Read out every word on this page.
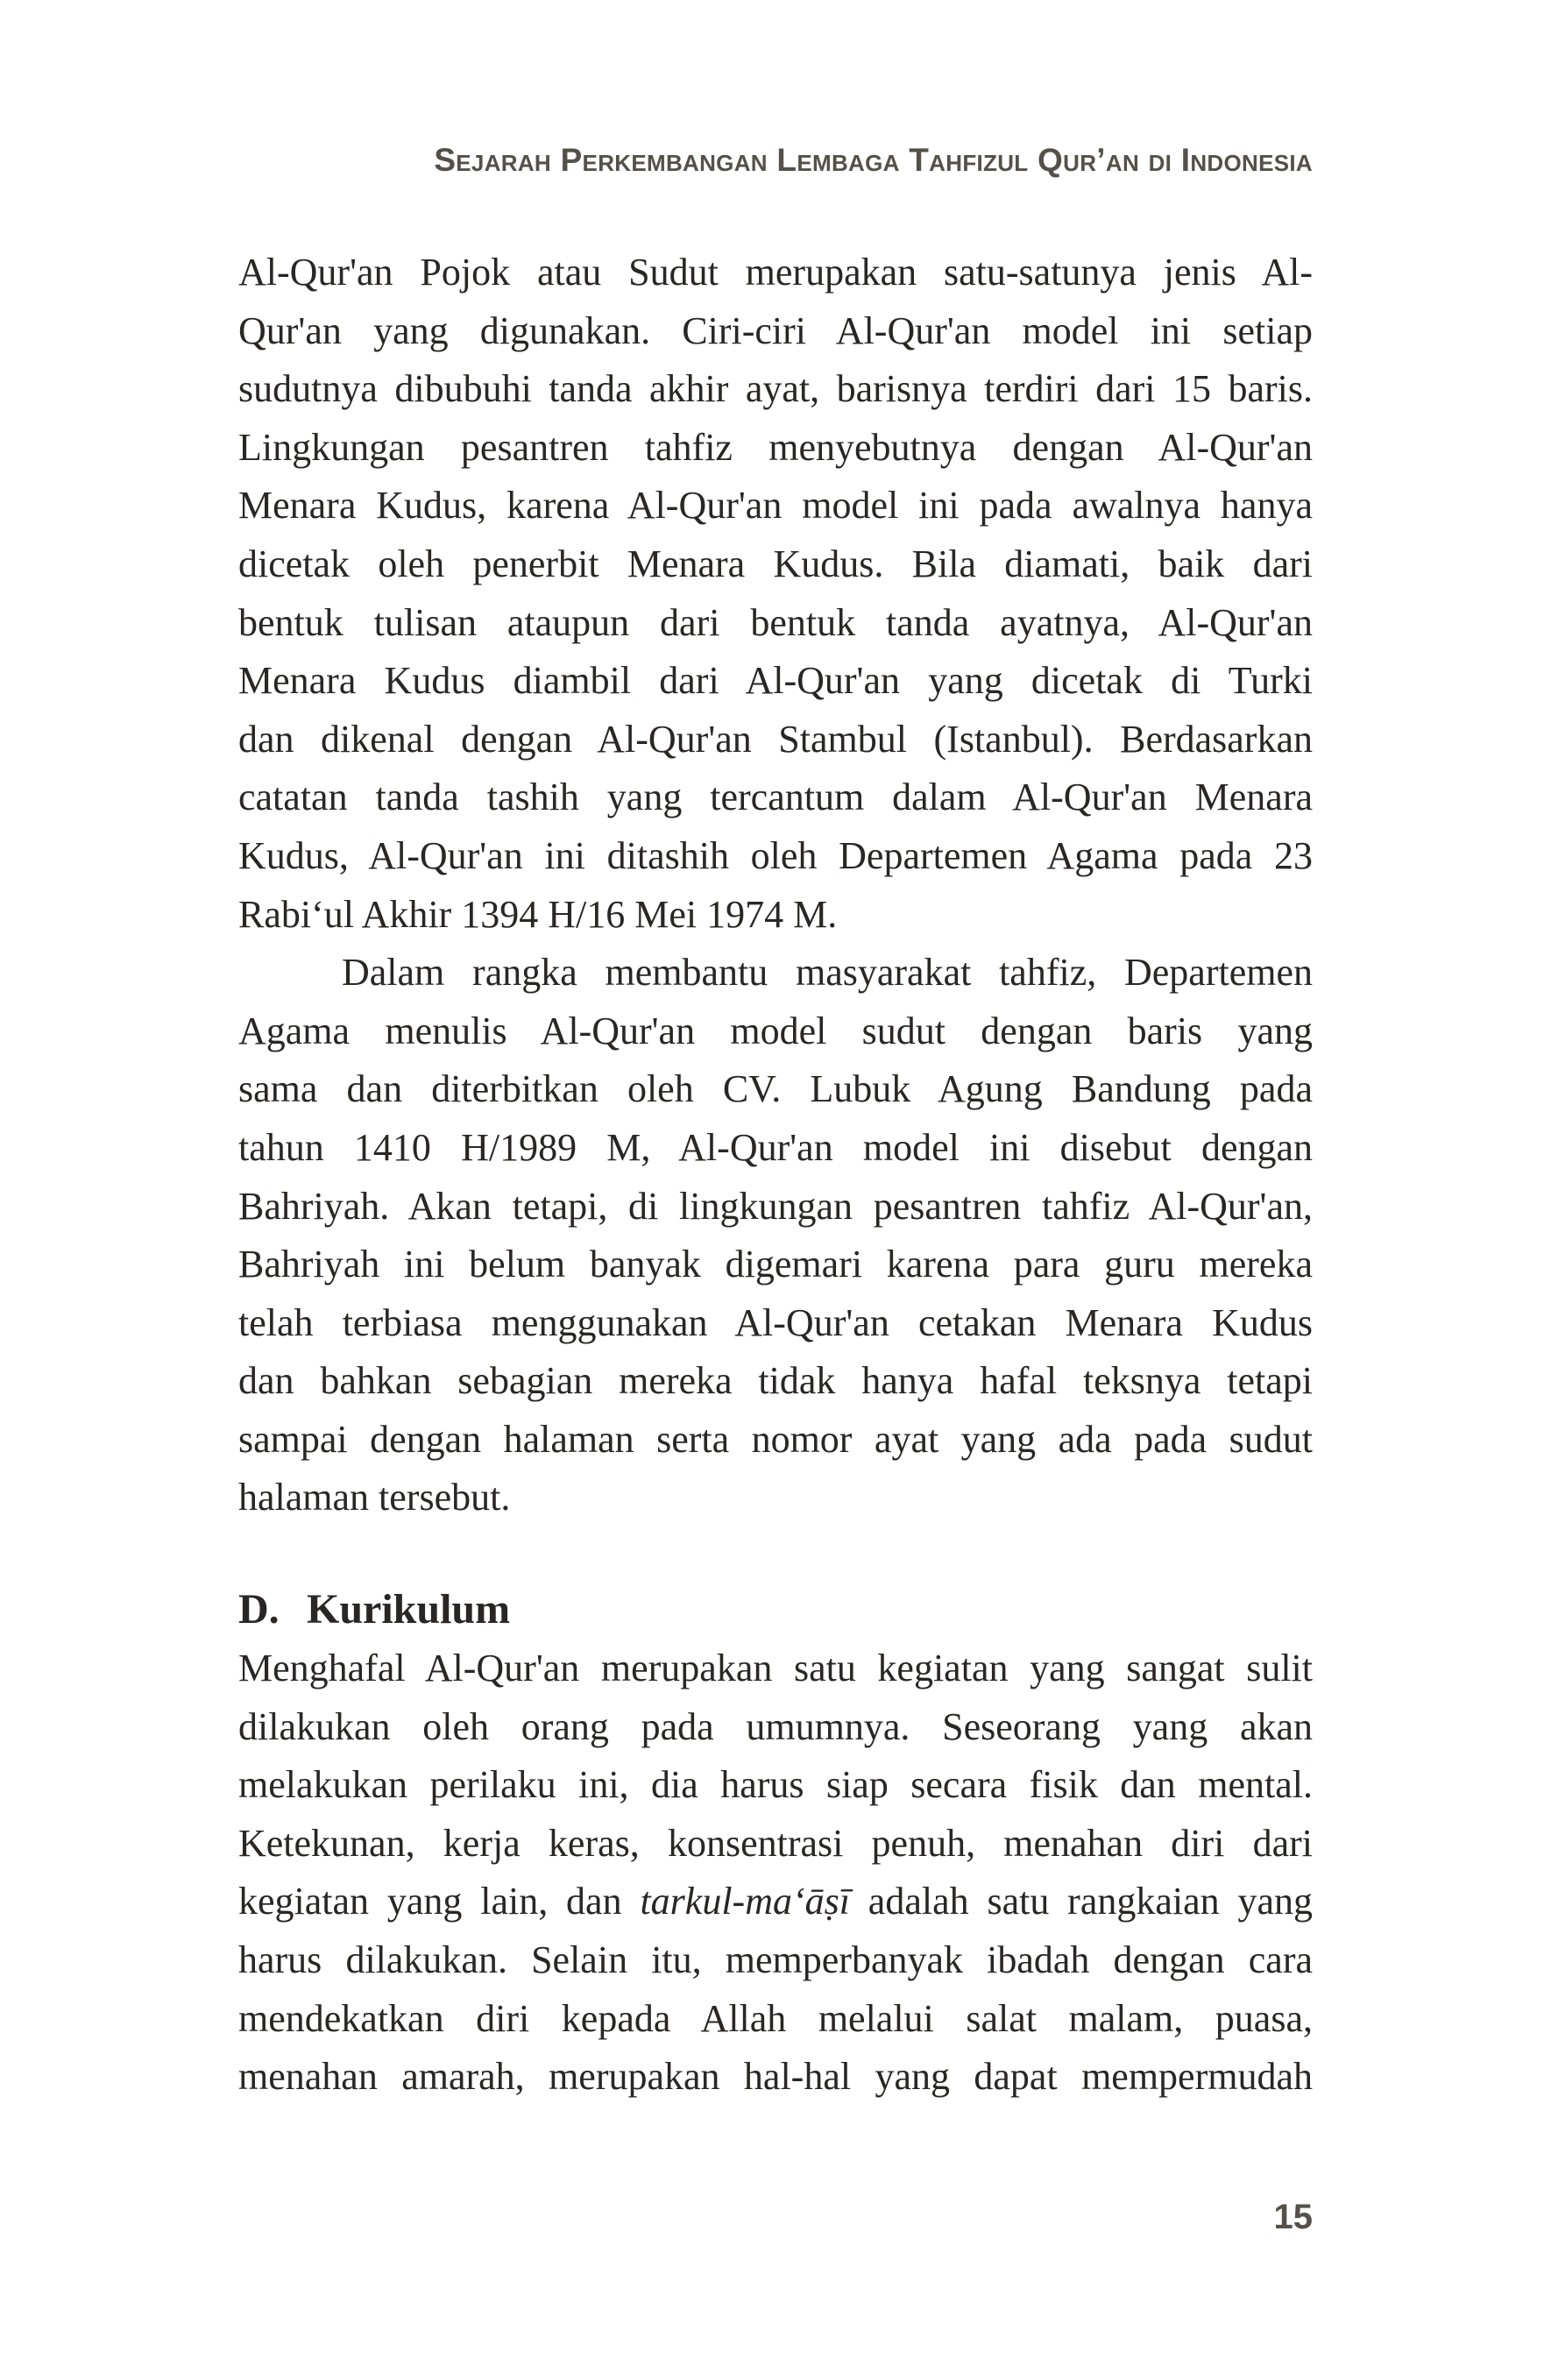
Sejarah Perkembangan Lembaga Tahfizul Qur’an di Indonesia
Al-Qur'an Pojok atau Sudut merupakan satu-satunya jenis Al-
Qur'an yang digunakan. Ciri-ciri Al-Qur'an model ini setiap
sudutnya dibubuhi tanda akhir ayat, barisnya terdiri dari 15 baris.
Lingkungan pesantren tahfiz menyebutnya dengan Al-Qur'an
Menara Kudus, karena Al-Qur'an model ini pada awalnya hanya
dicetak oleh penerbit Menara Kudus. Bila diamati, baik dari
bentuk tulisan ataupun dari bentuk tanda ayatnya, Al-Qur'an
Menara Kudus diambil dari Al-Qur'an yang dicetak di Turki
dan dikenal dengan Al-Qur'an Stambul (Istanbul). Berdasarkan
catatan tanda tashih yang tercantum dalam Al-Qur'an Menara
Kudus, Al-Qur'an ini ditashih oleh Departemen Agama pada 23
Rabi‘ul Akhir 1394 H/16 Mei 1974 M.
Dalam rangka membantu masyarakat tahfiz, Departemen
Agama menulis Al-Qur'an model sudut dengan baris yang
sama dan diterbitkan oleh CV. Lubuk Agung Bandung pada
tahun 1410 H/1989 M, Al-Qur'an model ini disebut dengan
Bahriyah. Akan tetapi, di lingkungan pesantren tahfiz Al-Qur'an,
Bahriyah ini belum banyak digemari karena para guru mereka
telah terbiasa menggunakan Al-Qur'an cetakan Menara Kudus
dan bahkan sebagian mereka tidak hanya hafal teksnya tetapi
sampai dengan halaman serta nomor ayat yang ada pada sudut
halaman tersebut.
D. Kurikulum
Menghafal Al-Qur'an merupakan satu kegiatan yang sangat sulit
dilakukan oleh orang pada umumnya. Seseorang yang akan
melakukan perilaku ini, dia harus siap secara fisik dan mental.
Ketekunan, kerja keras, konsentrasi penuh, menahan diri dari
kegiatan yang lain, dan tarkul-ma‘āṣī adalah satu rangkaian yang
harus dilakukan. Selain itu, memperbanyak ibadah dengan cara
mendekatkan diri kepada Allah melalui salat malam, puasa,
menahan amarah, merupakan hal-hal yang dapat mempermudah
15
